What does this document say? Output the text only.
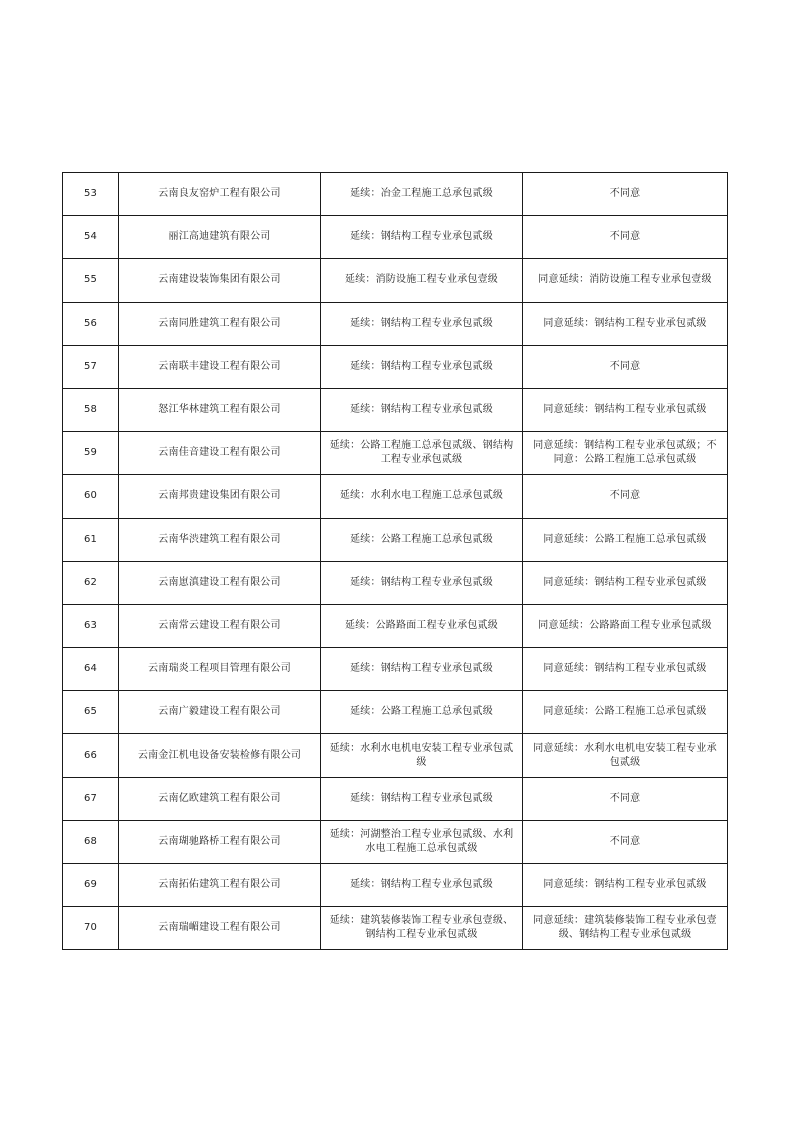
53	云南良友窑炉工程有限公司	延续：冶金工程施工总承包贰级	不同意
54	丽江高迪建筑有限公司	延续：钢结构工程专业承包贰级	不同意
55	云南建设装饰集团有限公司	延续：消防设施工程专业承包壹级	同意延续：消防设施工程专业承包壹级
56	云南同胜建筑工程有限公司	延续：钢结构工程专业承包贰级	同意延续：钢结构工程专业承包贰级
57	云南联丰建设工程有限公司	延续：钢结构工程专业承包贰级	不同意
58	怒江华林建筑工程有限公司	延续：钢结构工程专业承包贰级	同意延续：钢结构工程专业承包贰级
59	云南佳音建设工程有限公司	延续：公路工程施工总承包贰级、钢结构工程专业承包贰级	同意延续：钢结构工程专业承包贰级；不同意：公路工程施工总承包贰级
60	云南邦贵建设集团有限公司	延续：水利水电工程施工总承包贰级	不同意
61	云南华渋建筑工程有限公司	延续：公路工程施工总承包贰级	同意延续：公路工程施工总承包贰级
62	云南崽滇建设工程有限公司	延续：钢结构工程专业承包贰级	同意延续：钢结构工程专业承包贰级
63	云南常云建设工程有限公司	延续：公路路面工程专业承包贰级	同意延续：公路路面工程专业承包贰级
64	云南瑞炎工程项目管理有限公司	延续：钢结构工程专业承包贰级	同意延续：钢结构工程专业承包贰级
65	云南广毅建设工程有限公司	延续：公路工程施工总承包贰级	同意延续：公路工程施工总承包贰级
66	云南金江机电设备安装检修有限公司	延续：水利水电机电安装工程专业承包贰级	同意延续：水利水电机电安装工程专业承包贰级
67	云南亿欧建筑工程有限公司	延续：钢结构工程专业承包贰级	不同意
68	云南瑚驰路桥工程有限公司	延续：河湖整治工程专业承包贰级、水利水电工程施工总承包贰级	不同意
69	云南拓佑建筑工程有限公司	延续：钢结构工程专业承包贰级	同意延续：钢结构工程专业承包贰级
70	云南瑞嵋建设工程有限公司	延续：建筑装修装饰工程专业承包壹级、钢结构工程专业承包贰级	同意延续：建筑装修装饰工程专业承包壹级、钢结构工程专业承包贰级
